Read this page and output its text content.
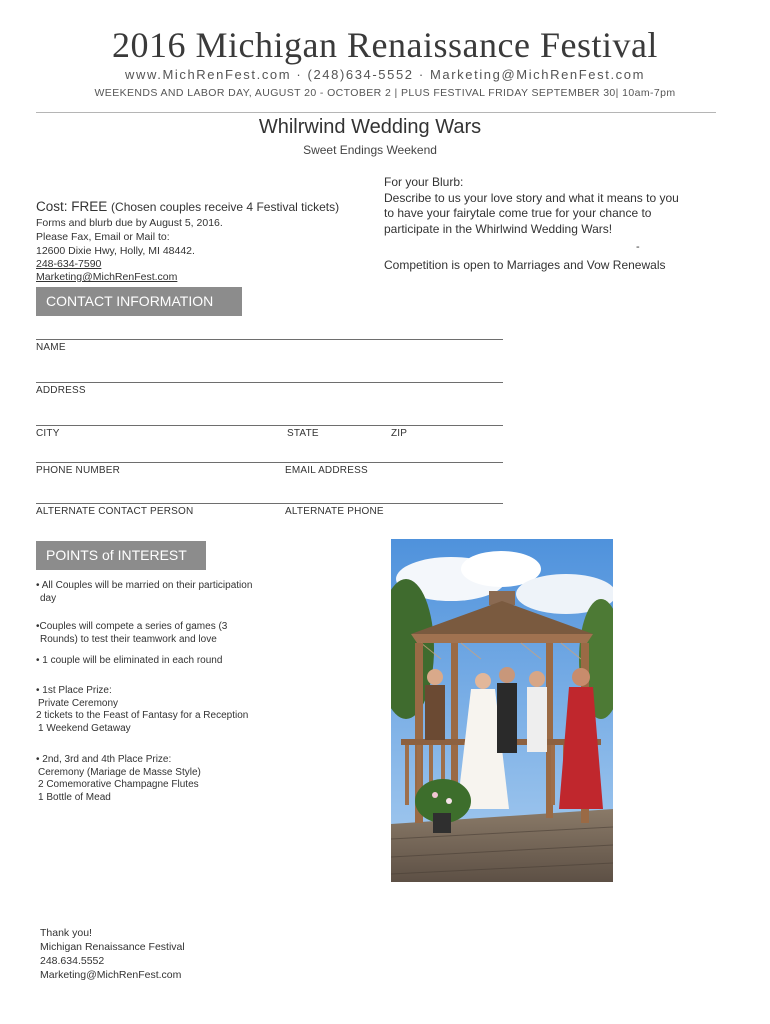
2016 Michigan Renaissance Festival
www.MichRenFest.com · (248)634-5552 · Marketing@MichRenFest.com
WEEKENDS AND LABOR DAY, AUGUST 20 - OCTOBER 2 | PLUS FESTIVAL FRIDAY SEPTEMBER 30| 10am-7pm
Whilrwind Wedding Wars
Sweet Endings Weekend

For your Blurb:

Describe to us your love story and what it means to you

to have your fairytale come true for your chance to

participate in the Whirlwind Wedding Wars!

-
Competition is open to Marriages and Vow Renewals
Cost: FREE (Chosen couples receive 4 Festival tickets)
Forms and blurb due by August 5, 2016.
Please Fax, Email or Mail to:
12600 Dixie Hwy, Holly, MI 48442.
248-634-7590
Marketing@MichRenFest.com
CONTACT INFORMATION
NAME
ADDRESS
CITY	STATE	ZIP
PHONE NUMBER	EMAIL ADDRESS
ALTERNATE CONTACT PERSON	ALTERNATE PHONE
POINTS of INTEREST

• All Couples will be married on their participation

day

•Couples will compete a series of games (3

Rounds) to test their teamwork and love

• 1 couple will be eliminated in each round

• 1st Place Prize:

Private Ceremony

2 tickets to the Feast of Fantasy for a Reception

1 Weekend Getaway

• 2nd, 3rd and 4th Place Prize:

Ceremony (Mariage de Masse Style)

2 Comemorative Champagne Flutes

1 Bottle of Mead

Thank you!
Michigan Renaissance Festival
248.634.5552
Marketing@MichRenFest.com
